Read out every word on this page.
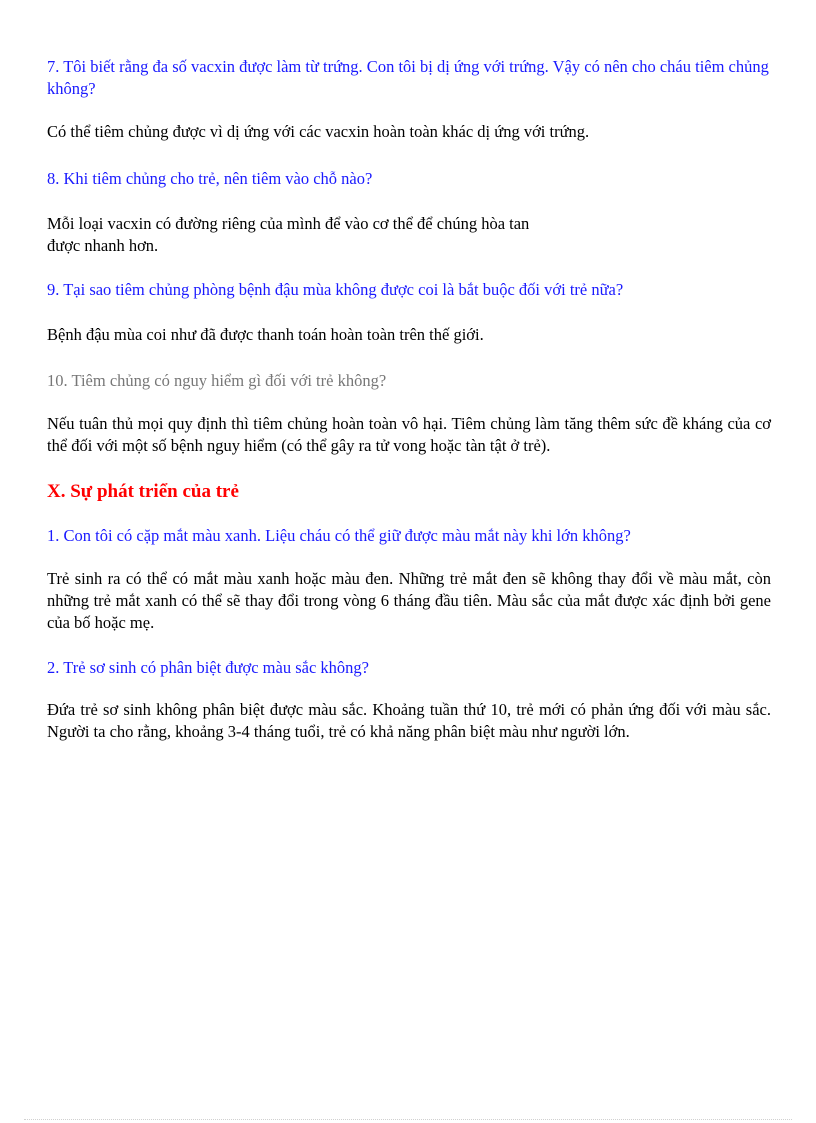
7. Tôi biết rằng đa số vacxin được làm từ trứng. Con tôi bị dị ứng với trứng. Vậy có nên cho cháu tiêm chủng không?

Có thể tiêm chủng được vì dị ứng với các vacxin hoàn toàn khác dị ứng với trứng.

8. Khi tiêm chủng cho trẻ, nên tiêm vào chỗ nào?

Mỗi loại vacxin có đường riêng của mình để vào cơ thể để chúng hòa tan
được nhanh hơn.

9. Tại sao tiêm chủng phòng bệnh đậu mùa không được coi là bắt buộc đối với trẻ nữa?

Bệnh đậu mùa coi như đã được thanh toán hoàn toàn trên thế giới.

10. Tiêm chủng có nguy hiểm gì đối với trẻ không?

Nếu tuân thủ mọi quy định thì tiêm chủng hoàn toàn vô hại. Tiêm chủng làm tăng thêm sức đề kháng của cơ thể đối với một số bệnh nguy hiểm (có thể gây ra tử vong hoặc tàn tật ở trẻ).

X. Sự phát triển của trẻ

1. Con tôi có cặp mắt màu xanh. Liệu cháu có thể giữ được màu mắt này khi lớn không?

Trẻ sinh ra có thể có mắt màu xanh hoặc màu đen. Những trẻ mắt đen sẽ không thay đổi về màu mắt, còn những trẻ mắt xanh có thể sẽ thay đổi trong vòng 6 tháng đầu tiên. Màu sắc của mắt được xác định bởi gene của bố hoặc mẹ.

2. Trẻ sơ sinh có phân biệt được màu sắc không?

Đứa trẻ sơ sinh không phân biệt được màu sắc. Khoảng tuần thứ 10, trẻ mới có phản ứng đối với màu sắc. Người ta cho rằng, khoảng 3-4 tháng tuổi, trẻ có khả năng phân biệt màu như người lớn.
